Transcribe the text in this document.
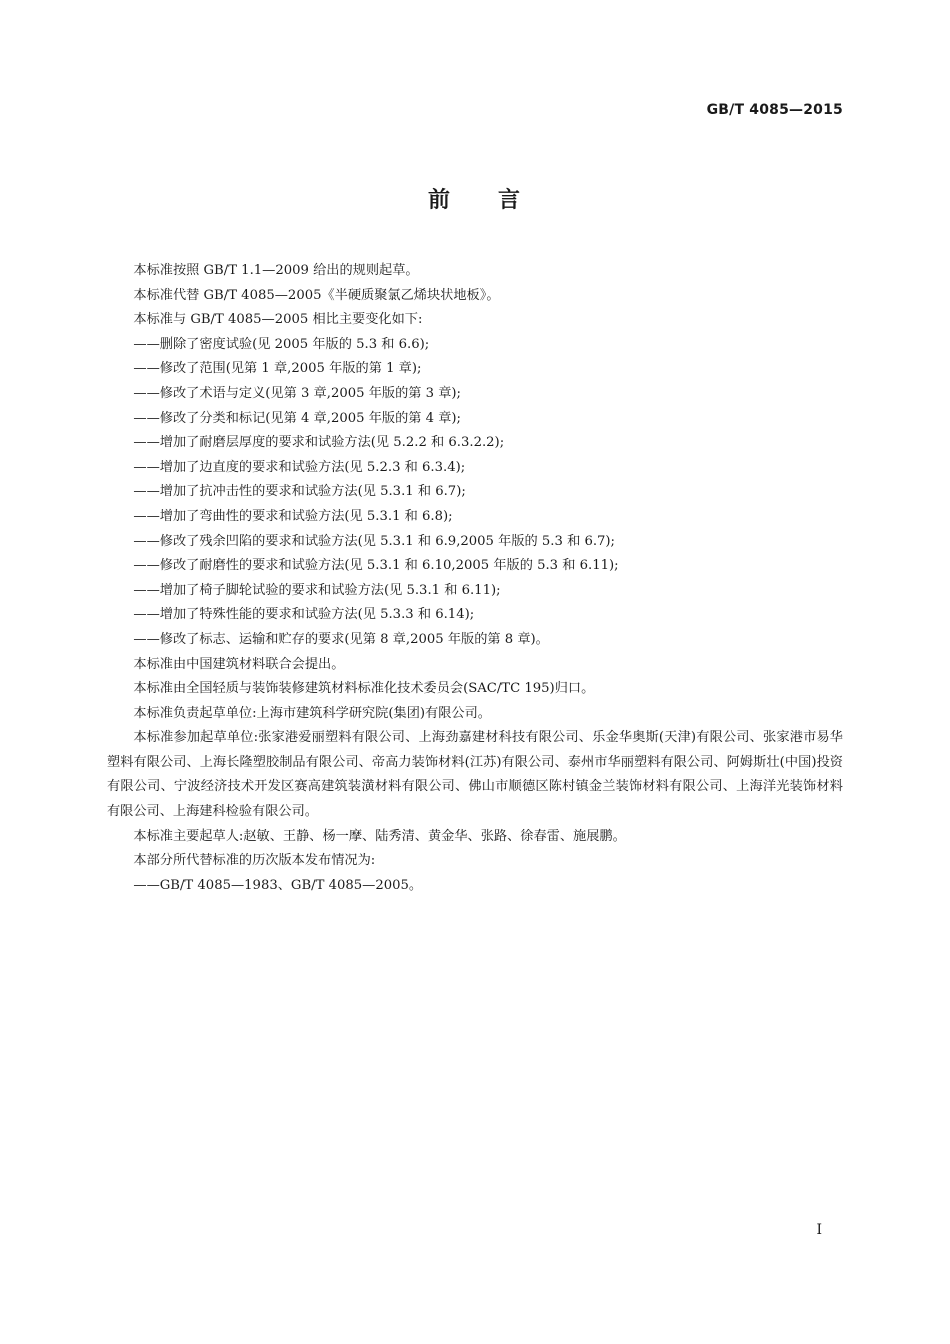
GB/T 4085—2015
前 言

本标准按照 GB/T 1.1—2009 给出的规则起草。

本标准代替 GB/T 4085—2005《半硬质聚氯乙烯块状地板》。

本标准与 GB/T 4085—2005 相比主要变化如下:

——删除了密度试验(见 2005 年版的 5.3 和 6.6);

——修改了范围(见第 1 章,2005 年版的第 1 章);

——修改了术语与定义(见第 3 章,2005 年版的第 3 章);

——修改了分类和标记(见第 4 章,2005 年版的第 4 章);

——增加了耐磨层厚度的要求和试验方法(见 5.2.2 和 6.3.2.2);

——增加了边直度的要求和试验方法(见 5.2.3 和 6.3.4);

——增加了抗冲击性的要求和试验方法(见 5.3.1 和 6.7);

——增加了弯曲性的要求和试验方法(见 5.3.1 和 6.8);

——修改了残余凹陷的要求和试验方法(见 5.3.1 和 6.9,2005 年版的 5.3 和 6.7);

——修改了耐磨性的要求和试验方法(见 5.3.1 和 6.10,2005 年版的 5.3 和 6.11);

——增加了椅子脚轮试验的要求和试验方法(见 5.3.1 和 6.11);

——增加了特殊性能的要求和试验方法(见 5.3.3 和 6.14);

——修改了标志、运输和贮存的要求(见第 8 章,2005 年版的第 8 章)。

本标准由中国建筑材料联合会提出。

本标准由全国轻质与装饰装修建筑材料标准化技术委员会(SAC/TC 195)归口。

本标准负责起草单位:上海市建筑科学研究院(集团)有限公司。

本标准参加起草单位:张家港爱丽塑料有限公司、上海劲嘉建材科技有限公司、乐金华奥斯(天津)有限公司、张家港市易华塑料有限公司、上海长隆塑胶制品有限公司、帝高力装饰材料(江苏)有限公司、泰州市华丽塑料有限公司、阿姆斯壮(中国)投资有限公司、宁波经济技术开发区赛高建筑装潢材料有限公司、佛山市顺德区陈村镇金兰装饰材料有限公司、上海洋光装饰材料有限公司、上海建科检验有限公司。

本标准主要起草人:赵敏、王静、杨一摩、陆秀清、黄金华、张路、徐春雷、施展鹏。

本部分所代替标准的历次版本发布情况为:

——GB/T 4085—1983、GB/T 4085—2005。

I
